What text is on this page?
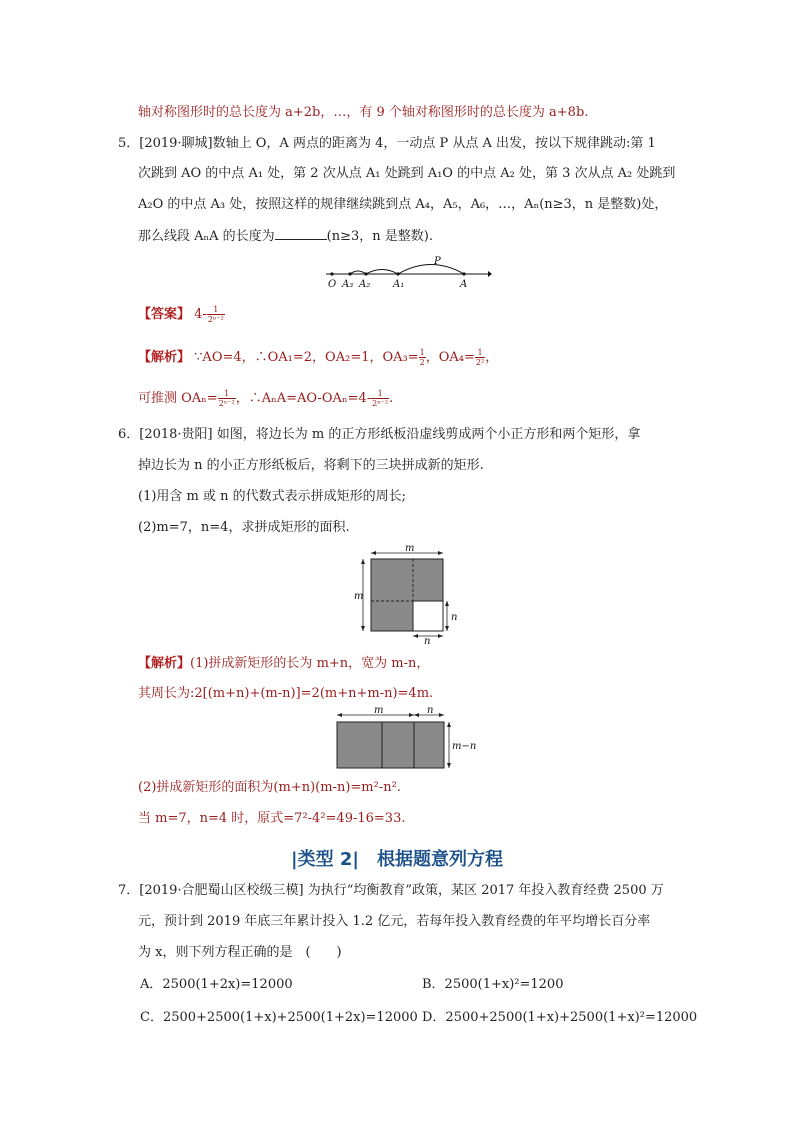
轴对称图形时的总长度为 a+2b，…，有 9 个轴对称图形时的总长度为 a+8b.
5．[2019·聊城]数轴上 O，A 两点的距离为 4，一动点 P 从点 A 出发，按以下规律跳动:第 1
次跳到 AO 的中点 A₁ 处，第 2 次从点 A₁ 处跳到 A₁O 的中点 A₂ 处，第 3 次从点 A₂ 处跳到
A₂O 的中点 A₃ 处，按照这样的规律继续跳到点 A₄，A₅，A₆，…，Aₙ(n≥3，n 是整数)处，
那么线段 AₙA 的长度为	(n≥3，n 是整数).
O A₃ A₂ A₁	A
P
【答案】 $4- \frac{1}{\text{2ⁿ⁻²}}$
【解析】 ∵AO=4，∴OA₁=2，OA₂=1，$OA_3= \frac{1}{2}$ ，$OA_4= \frac{1}{\text{2²}}$ ，
可推测 $OA_n= \frac{1}{\text{2ⁿ⁻²}}$ ，∴AₙA=AO-OAₙ=4- $\frac{1}{\text{2ⁿ⁻²}}$ .
6．[2018·贵阳] 如图，将边长为 m 的正方形纸板沿虚线剪成两个小正方形和两个矩形，拿
掉边长为 n 的小正方形纸板后，将剩下的三块拼成新的矩形.
(1)用含 m 或 n 的代数式表示拼成矩形的周长;
(2)m=7，n=4，求拼成矩形的面积.
m
m
n
n
【解析】(1)拼成新矩形的长为 m+n，宽为 m-n，
其周长为:2[(m+n)+(m-n)]=2(m+n+m-n)=4m.
m	n
m−n
(2)拼成新矩形的面积为(m+n)(m-n)=m²-n².
当 m=7，n=4 时，原式=7²-4²=49-16=33.
|类型 2|　根据题意列方程
7．[2019·合肥蜀山区校级三模] 为执行“均衡教育”政策，某区 2017 年投入教育经费 2500 万
元，预计到 2019 年底三年累计投入 1.2 亿元，若每年投入教育经费的年平均增长百分率
为 x，则下列方程正确的是　(　　)
A．2500(1+2x)=12000	B．2500(1+x)²=1200
C．2500+2500(1+x)+2500(1+2x)=12000 D．2500+2500(1+x)+2500(1+x)²=12000
